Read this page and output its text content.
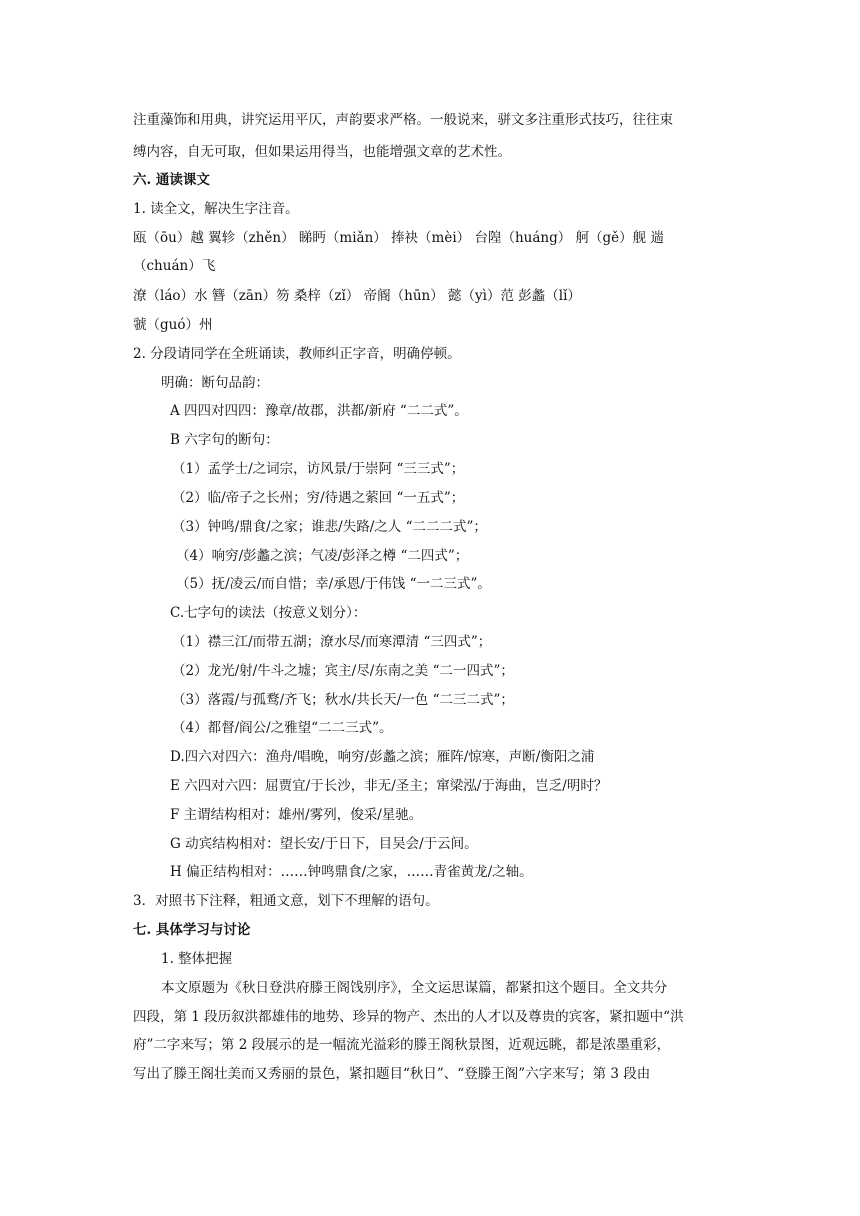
注重藻饰和用典，讲究运用平仄，声韵要求严格。一般说来，骈文多注重形式技巧，往往束
缚内容，自无可取，但如果运用得当，也能增强文章的艺术性。
六. 通读课文
1. 读全文，解决生字注音。
瓯（ōu）越 翼轸（zhěn） 睇眄（miǎn） 捧袂（mèi） 台隍（huáng） 舸（gě）舰 遄
（chuán）飞
潦（láo）水 簪（zān）笏 桑梓（zǐ） 帝阍（hūn） 懿（yì）范 彭蠡（lǐ）
虢（guó）州
2. 分段请同学在全班诵读，教师纠正字音，明确停顿。
明确：断句品韵：
A 四四对四四：豫章/故郡，洪都/新府 “二二式”。
B 六字句的断句：
（1）孟学士/之词宗，访风景/于崇阿 “三三式”；
（2）临/帝子之长州；穷/待遇之萦回 “一五式”；
（3）钟鸣/鼎食/之家；谁悲/失路/之人 “二二二式”；
（4）响穷/彭蠡之滨；气凌/彭泽之樽 “二四式”；
（5）抚/凌云/而自惜；幸/承恩/于伟饯 “一二三式”。
C.七字句的读法（按意义划分）：
（1）襟三江/而带五湖；潦水尽/而寒潭清 “三四式”；
（2）龙光/射/牛斗之墟；宾主/尽/东南之美 “二一四式”；
（3）落霞/与孤鹜/齐飞；秋水/共长天/一色 “二三二式”；
（4）都督/阎公/之雅望“二二三式”。
D.四六对四六：渔舟/唱晚，响穷/彭蠡之滨；雁阵/惊寒，声断/衡阳之浦
E 六四对六四：屈贾宜/于长沙，非无/圣主；窜梁泓/于海曲，岂乏/明时？
F 主谓结构相对：雄州/雾列，俊采/星驰。
G 动宾结构相对：望长安/于日下，目吴会/于云间。
H 偏正结构相对：……钟鸣鼎食/之家，……青雀黄龙/之轴。
3．对照书下注释，粗通文意，划下不理解的语句。
七. 具体学习与讨论
1. 整体把握
本文原题为《秋日登洪府滕王阁饯别序》，全文运思谋篇，都紧扣这个题目。全文共分
四段，第 1 段历叙洪都雄伟的地势、珍异的物产、杰出的人才以及尊贵的宾客，紧扣题中“洪
府”二字来写；第 2 段展示的是一幅流光溢彩的滕王阁秋景图，近观远眺，都是浓墨重彩，
写出了滕王阁壮美而又秀丽的景色，紧扣题目“秋日”、“登滕王阁”六字来写；第 3 段由
